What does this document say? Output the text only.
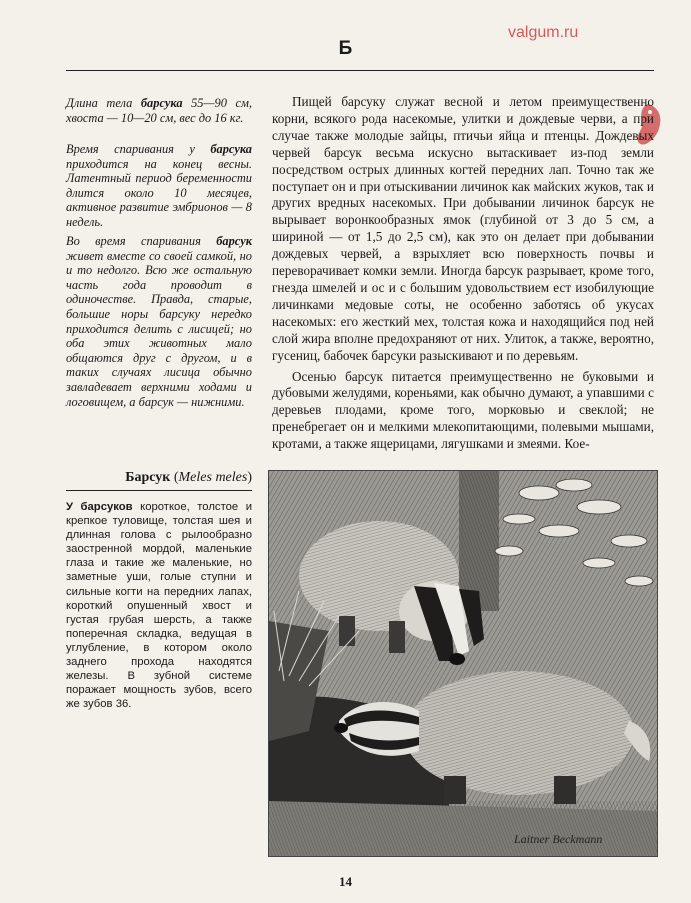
Б
valgum.ru

Длина тела барсука 55—90 см, хвоста — 10—20 см, вес до 16 кг.

Время спаривания у барсука приходится на конец весны. Латентный период беременности длится около 10 месяцев, активное развитие эмбрионов — 8 недель.

Во время спаривания барсук живет вместе со своей самкой, но и то недолго. Всю же остальную часть года проводит в одиночестве. Правда, старые, большие норы барсуку нередко приходится делить с лисицей; но оба этих животных мало общаются друг с другом, и в таких случаях лисица обычно завладевает верхними ходами и логовищем, а барсук — нижними.

Пищей барсуку служат весной и летом преимущественно корни, всякого рода насекомые, улитки и дождевые черви, а при случае также молодые зайцы, птичьи яйца и птенцы. Дождевых червей барсук весьма искусно вытаскивает из-под земли посредством острых длинных когтей передних лап. Точно так же поступает он и при отыскивании личинок как майских жуков, так и других вредных насекомых. При добывании личинок барсук не вырывает воронкообразных ямок (глубиной от 3 до 5 см, а шириной — от 1,5 до 2,5 см), как это он делает при добывании дождевых червей, а взрыхляет всю поверхность почвы и переворачивает комки земли. Иногда барсук разрывает, кроме того, гнезда шмелей и ос и с большим удовольствием ест изобилующие личинками медовые соты, не особенно заботясь об укусах насекомых: его жесткий мех, толстая кожа и находящийся под ней слой жира вполне предохраняют от них. Улиток, а также, вероятно, гусениц, бабочек барсуки разыскивают и по деревьям.

Осенью барсук питается преимущественно не буковыми и дубовыми желудями, кореньями, как обычно думают, а упавшими с деревьев плодами, кроме того, морковью и свеклой; не пренебрегает он и мелкими млекопитающими, полевыми мышами, кротами, а также ящерицами, лягушками и змеями. Кое-

Барсук (Meles meles)

У барсуков короткое, толстое и крепкое туловище, толстая шея и длинная голова с рылообразно заостренной мордой, маленькие глаза и такие же маленькие, но заметные уши, голые ступни и сильные когти на передних лапах, короткий опушенный хвост и густая грубая шерсть, а также поперечная складка, ведущая в углубление, в котором около заднего прохода находятся железы. В зубной системе поражает мощность зубов, всего же зубов 36.

Laitner Beckmann
14
